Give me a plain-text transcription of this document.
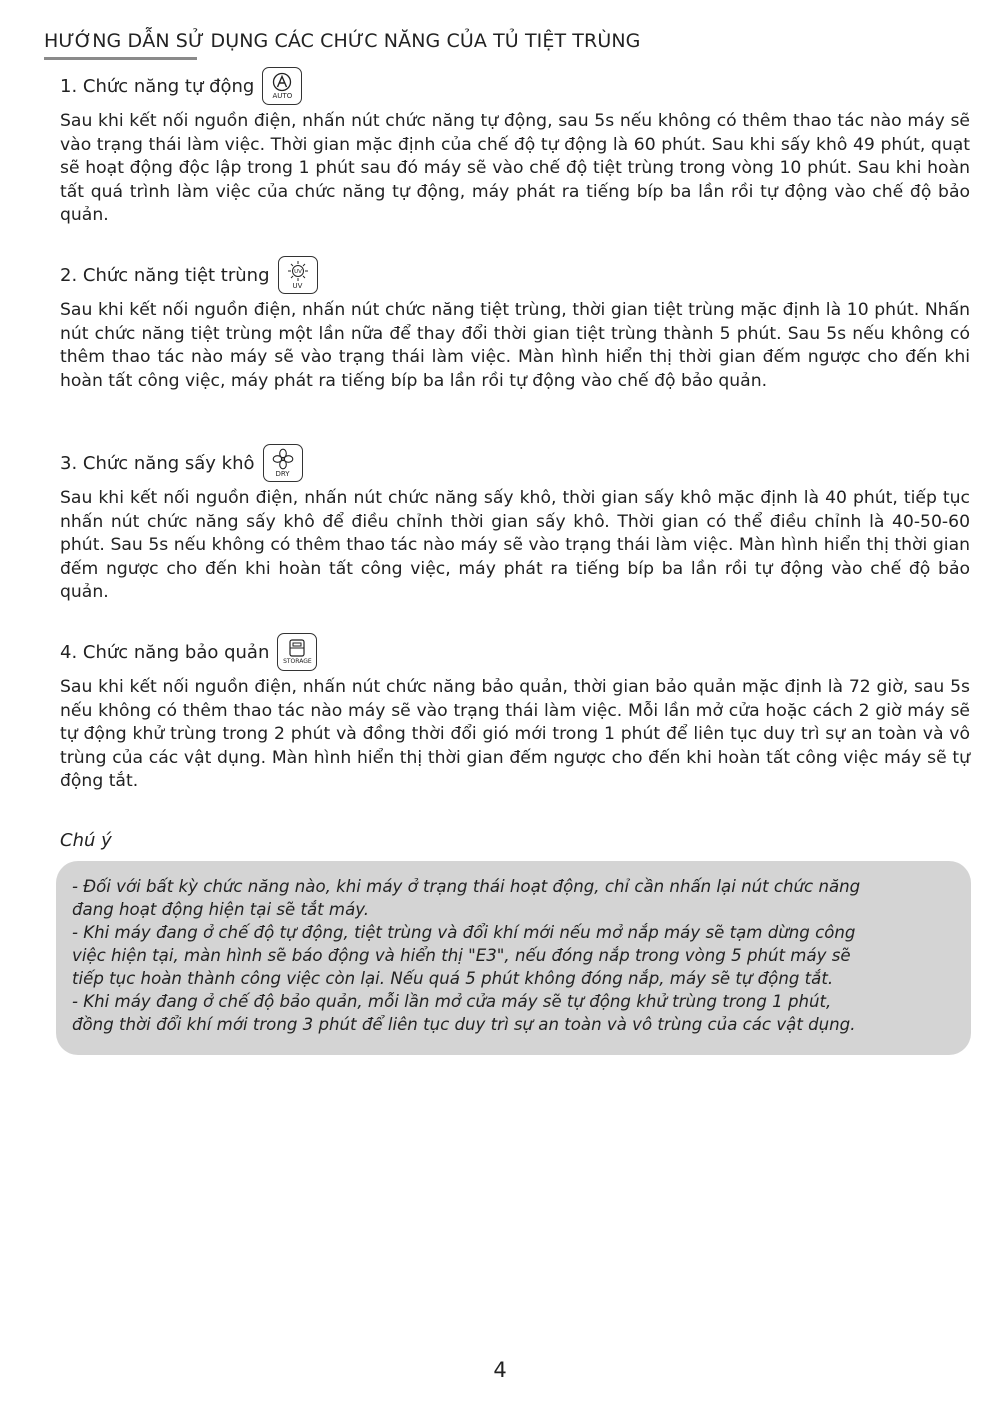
HƯỚNG DẪN SỬ DỤNG CÁC CHỨC NĂNG CỦA TỦ TIỆT TRÙNG
1. Chức năng tự động	AUTO

Sau khi kết nối nguồn điện, nhấn nút chức năng tự động, sau 5s nếu không có thêm thao tác nào máy sẽ vào trạng thái làm việc. Thời gian mặc định của chế độ tự động là 60 phút. Sau khi sấy khô 49 phút, quạt sẽ hoạt động độc lập trong 1 phút sau đó máy sẽ vào chế độ tiệt trùng trong vòng 10 phút. Sau khi hoàn tất quá trình làm việc của chức năng tự động, máy phát ra tiếng bíp ba lần rồi tự động vào chế độ bảo quản.

2. Chức năng tiệt trùng	UV
UV

Sau khi kết nối nguồn điện, nhấn nút chức năng tiệt trùng, thời gian tiệt trùng mặc định là 10 phút. Nhấn nút chức năng tiệt trùng một lần nữa để thay đổi thời gian tiệt trùng thành 5 phút. Sau 5s nếu không có thêm thao tác nào máy sẽ vào trạng thái làm việc. Màn hình hiển thị thời gian đếm ngược cho đến khi hoàn tất công việc, máy phát ra tiếng bíp ba lần rồi tự động vào chế độ bảo quản.

3. Chức năng sấy khô
DRY

Sau khi kết nối nguồn điện, nhấn nút chức năng sấy khô, thời gian sấy khô mặc định là 40 phút, tiếp tục nhấn nút chức năng sấy khô để điều chỉnh thời gian sấy khô. Thời gian có thể điều chỉnh là 40-50-60 phút. Sau 5s nếu không có thêm thao tác nào máy sẽ vào trạng thái làm việc. Màn hình hiển thị thời gian đếm ngược cho đến khi hoàn tất công việc, máy phát ra tiếng bíp ba lần rồi tự động vào chế độ bảo quản.

4. Chức năng bảo quản STORAGE

Sau khi kết nối nguồn điện, nhấn nút chức năng bảo quản, thời gian bảo quản mặc định là 72 giờ, sau 5s nếu không có thêm thao tác nào máy sẽ vào trạng thái làm việc. Mỗi lần mở cửa hoặc cách 2 giờ máy sẽ tự động khử trùng trong 2 phút và đồng thời đổi gió mới trong 1 phút để liên tục duy trì sự an toàn và vô trùng của các vật dụng. Màn hình hiển thị thời gian đếm ngược cho đến khi hoàn tất công việc máy sẽ tự động tắt.

Chú ý

- Đối với bất kỳ chức năng nào, khi máy ở trạng thái hoạt động, chỉ cần nhấn lại nút chức năng

đang hoạt động hiện tại sẽ tắt máy.

- Khi máy đang ở chế độ tự động, tiệt trùng và đổi khí mới nếu mở nắp máy sẽ tạm dừng công

việc hiện tại, màn hình sẽ báo động và hiển thị "E3", nếu đóng nắp trong vòng 5 phút máy sẽ

tiếp tục hoàn thành công việc còn lại. Nếu quá 5 phút không đóng nắp, máy sẽ tự động tắt.

- Khi máy đang ở chế độ bảo quản, mỗi lần mở cửa máy sẽ tự động khử trùng trong 1 phút,

đồng thời đổi khí mới trong 3 phút để liên tục duy trì sự an toàn và vô trùng của các vật dụng.

4
